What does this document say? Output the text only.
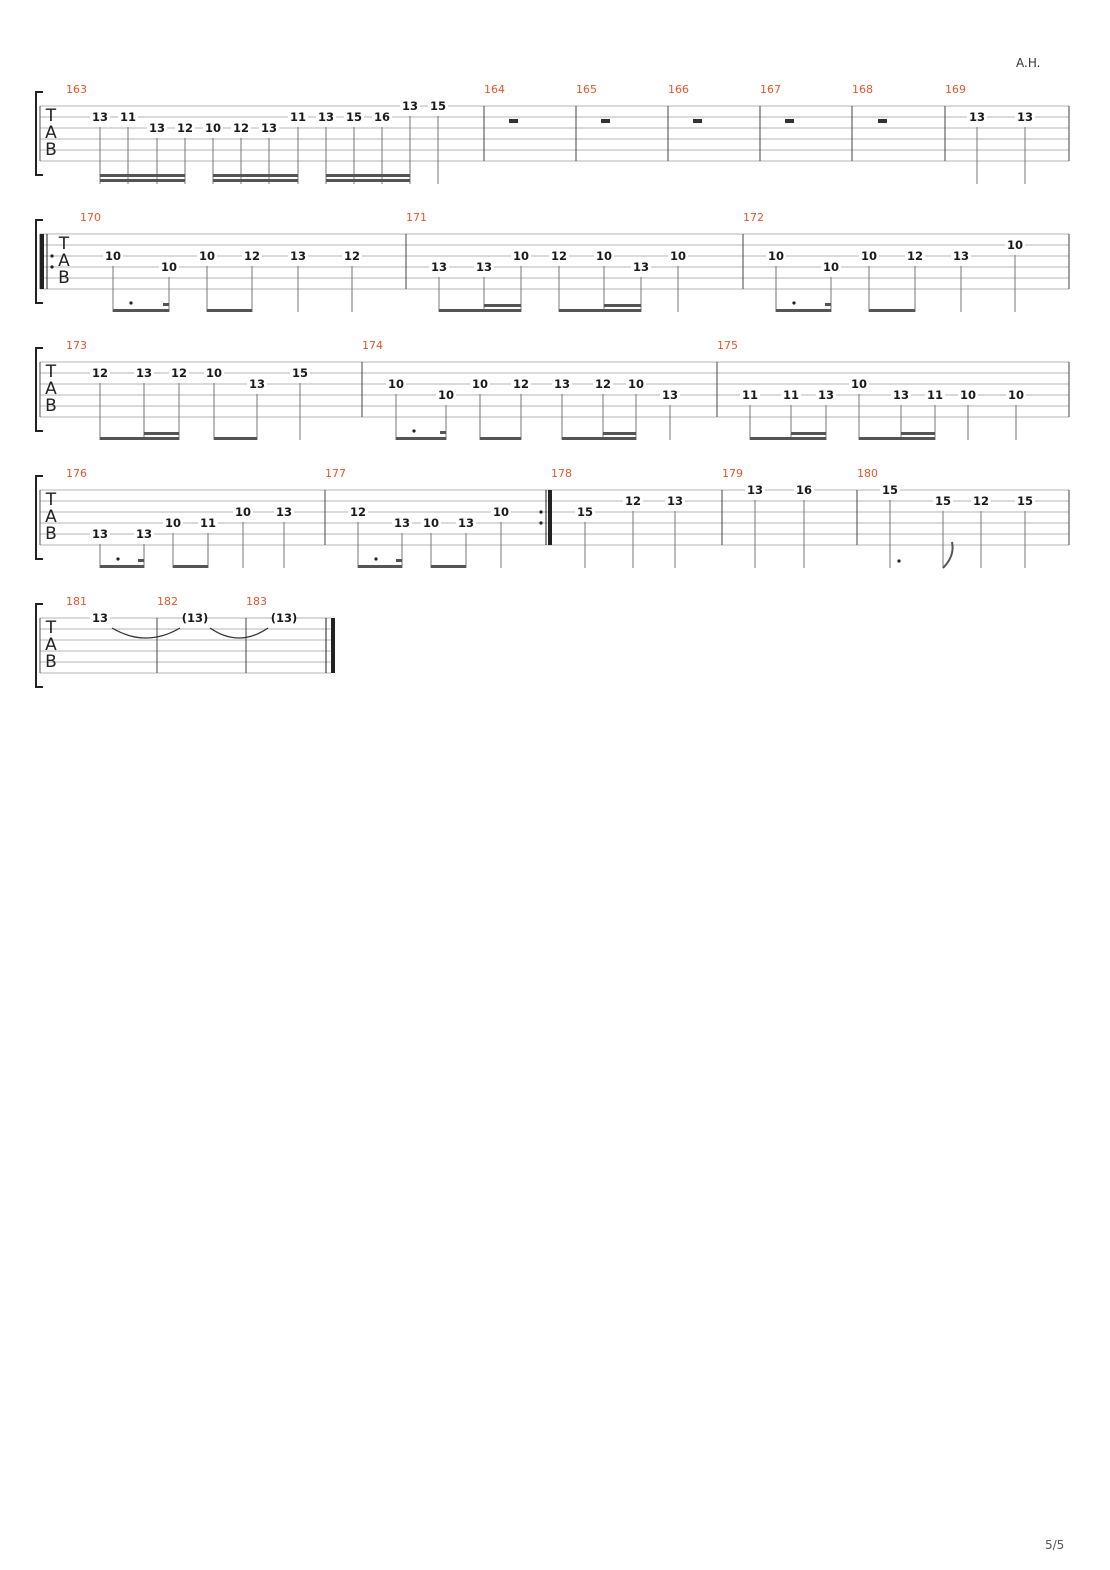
A.H.
T
A
B
163
13 11
13 12 10 12 13
11 13 15 16
13 15
164	165	166	167	168	169
13	13
T
A
B
170
10
10
10	12	13	12
171
13	13
10 12	10
13
10
172
10
10
10	12	13
10
T
A
B
173
12 13 12 10
13
15
174
10
10
10 12 13 12 10
13
175
11 11 13
10
13 11 10	10
T
A
B
176
13 13
10 11
10 13
177
12
13 10 13
10
178
15
12 13
179
13	16
180
15
15 12 15
T
A
B
181
13
182
(13)
183
(13)
5/5
